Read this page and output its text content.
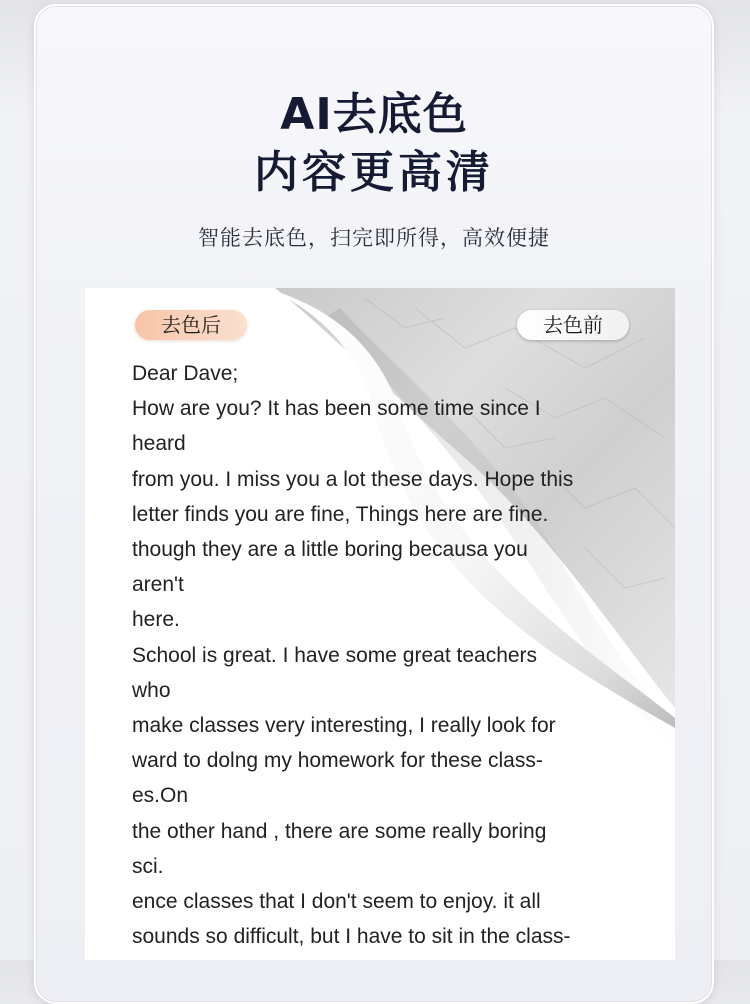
AI去底色
内容更高清
智能去底色，扫完即所得，高效便捷
去色后	去色前
Dear Dave;
How are you? It has been some time since I
heard
from you. I miss you a lot these days. Hope this
letter finds you are fine, Things here are fine.
though they are a little boring becausa you
aren't
here.
School is great. I have some great teachers
who
make classes very interesting, I really look for
ward to dolng my homework for these class-
es.On
the other hand , there are some really boring
sci.
ence classes that I don't seem to enjoy. it all
sounds so difficult, but I have to sit in the class-
